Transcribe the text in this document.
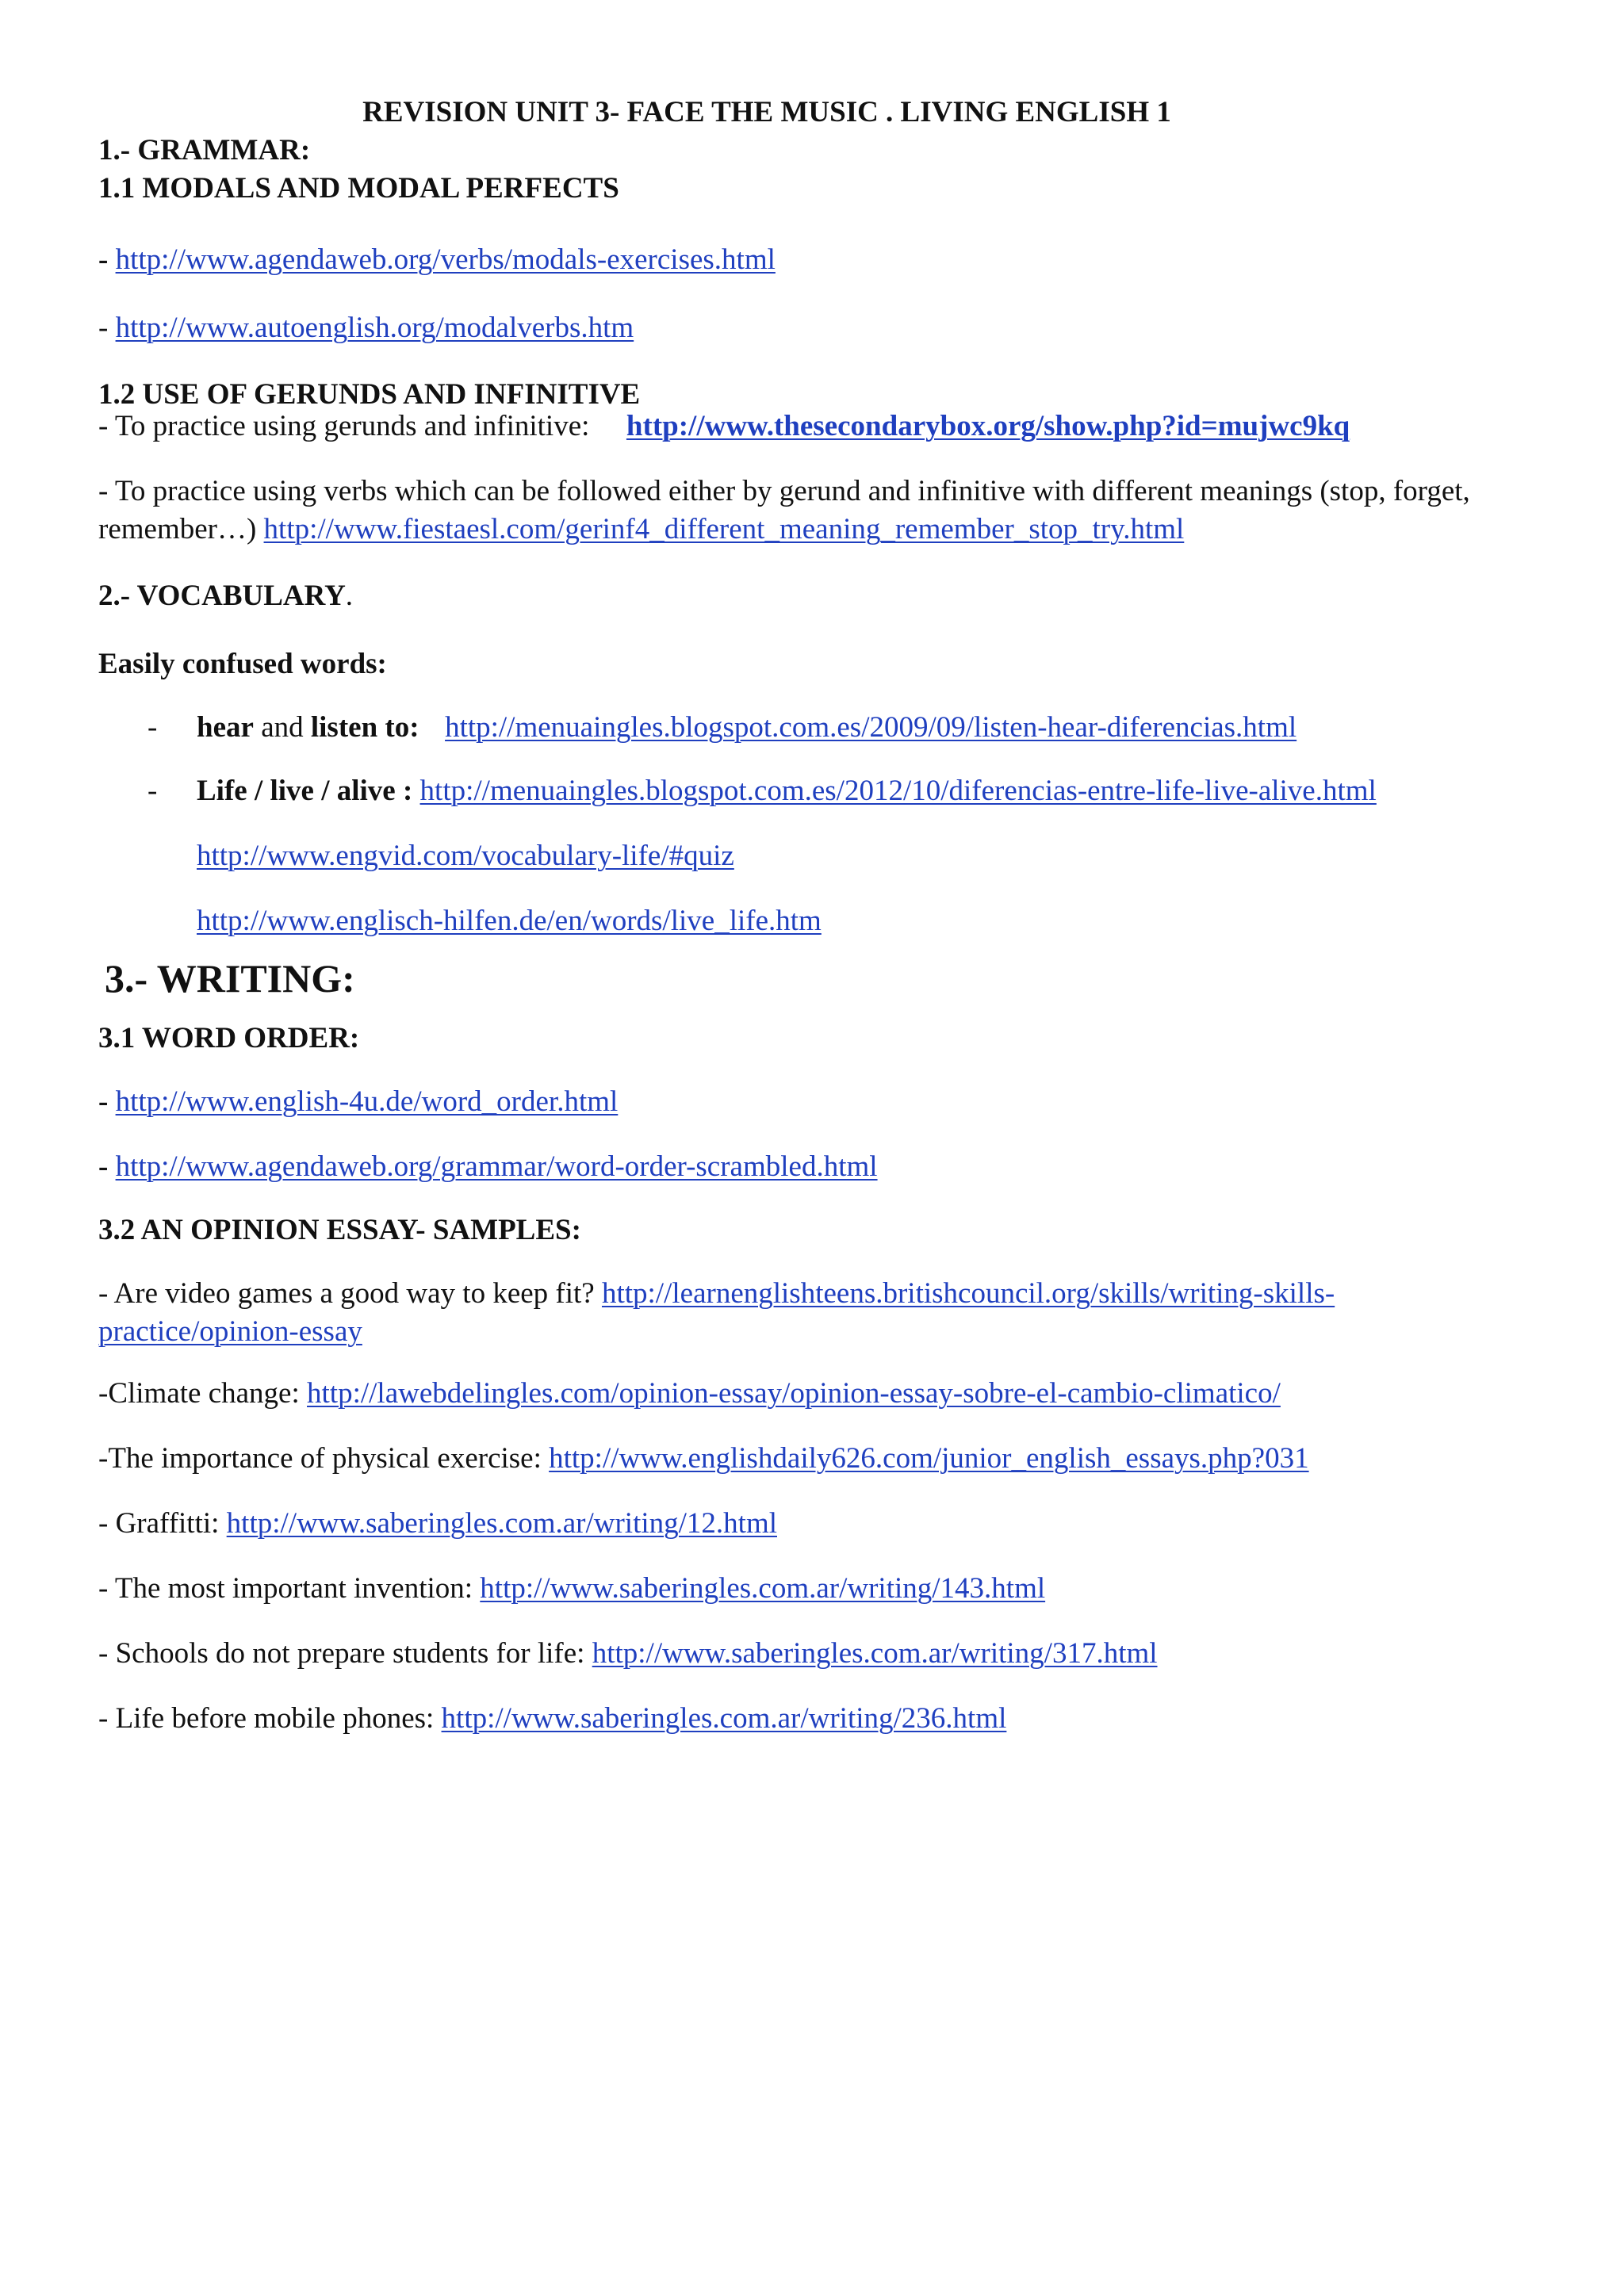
REVISION UNIT 3- FACE THE MUSIC . LIVING ENGLISH 1

1.- GRAMMAR:

1.1 MODALS AND MODAL PERFECTS

- http://www.agendaweb.org/verbs/modals-exercises.html

- http://www.autoenglish.org/modalverbs.htm

1.2 USE OF GERUNDS AND INFINITIVE

- To practice using gerunds and infinitive: http://www.thesecondarybox.org/show.php?id=mujwc9kq

- To practice using verbs which can be followed either by gerund and infinitive with different meanings (stop, forget, remember…) http://www.fiestaesl.com/gerinf4_different_meaning_remember_stop_try.html

2.- VOCABULARY.

Easily confused words:

- hear and listen to: http://menuaingles.blogspot.com.es/2009/09/listen-hear-diferencias.html

- Life / live / alive : http://menuaingles.blogspot.com.es/2012/10/diferencias-entre-life-live-alive.html

http://www.engvid.com/vocabulary-life/#quiz

http://www.englisch-hilfen.de/en/words/live_life.htm

3.- WRITING:

3.1 WORD ORDER:

- http://www.english-4u.de/word_order.html

- http://www.agendaweb.org/grammar/word-order-scrambled.html

3.2 AN OPINION ESSAY- SAMPLES:

- Are video games a good way to keep fit? http://learnenglishteens.britishcouncil.org/skills/writing-skills-practice/opinion-essay

-Climate change: http://lawebdelingles.com/opinion-essay/opinion-essay-sobre-el-cambio-climatico/

-The importance of physical exercise: http://www.englishdaily626.com/junior_english_essays.php?031

- Graffitti: http://www.saberingles.com.ar/writing/12.html

- The most important invention: http://www.saberingles.com.ar/writing/143.html

- Schools do not prepare students for life: http://www.saberingles.com.ar/writing/317.html

- Life before mobile phones: http://www.saberingles.com.ar/writing/236.html
